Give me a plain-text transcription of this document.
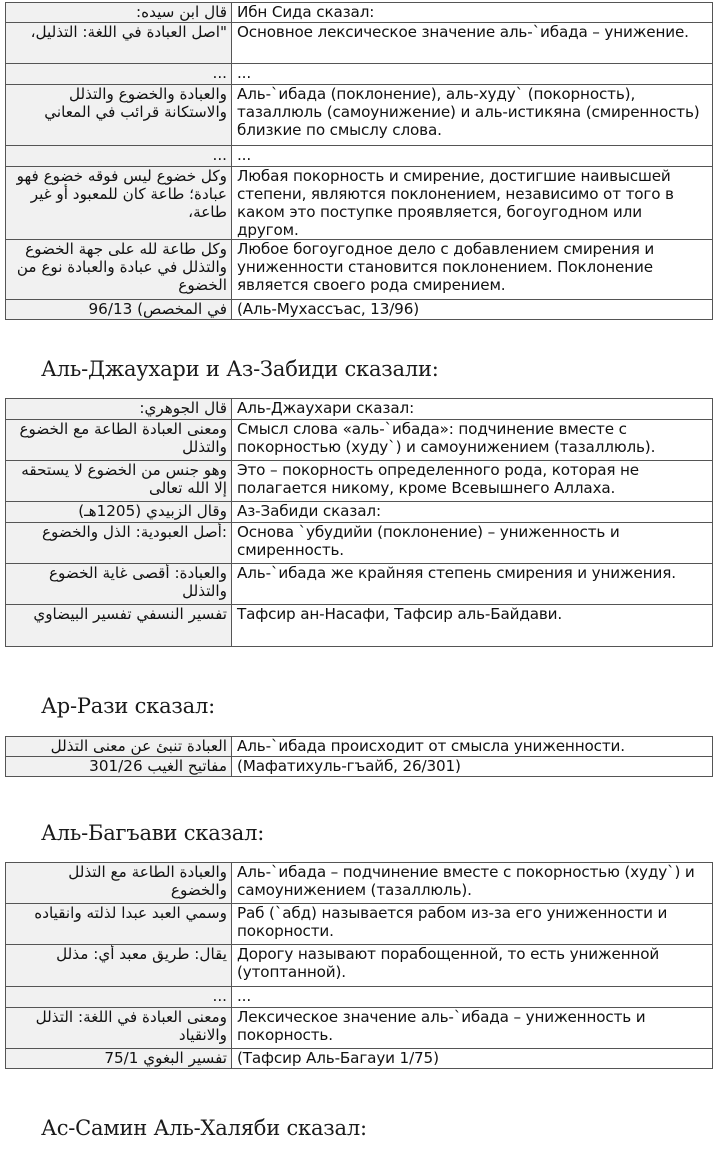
قال ابن سيده:	Ибн Сида сказал:
"اصل العبادة في اللغة: التذليل،	Основное лексическое значение аль-`ибада – унижение.
...	...
والعبادة والخضوع والتذلل والاستكانة قرائب في المعاني	Аль-`ибада (поклонение), аль-худу` (покорность), тазаллюль (самоунижение) и аль-истикяна (смиренность) близкие по смыслу слова.
...	...
وكل خضوع ليس فوقه خضوع فهو عبادة؛ طاعة كان للمعبود أو غير طاعة،	Любая покорность и смирение, достигшие наивысшей степени, являются поклонением, независимо от того в каком это поступке проявляется, богоугодном или другом.
وكل طاعة لله على جهة الخضوع والتذلل في عبادة والعبادة نوع من الخضوع	Любое богоугодное дело с добавлением смирения и униженности становится поклонением. Поклонение является своего рода смирением.
في المخصص) 96/13	(Аль-Мухассъас, 13/96)
Аль-Джаухари и Аз-Забиди сказали:
قال الجوهري:	Аль-Джаухари сказал:
ومعنى العبادة الطاعة مع الخضوع والتذلل	Смысл слова «аль-`ибада»: подчинение вместе с покорностью (худу`) и самоунижением (тазаллюль).
وهو جنس من الخضوع لا يستحقه إلا الله تعالى	Это – покорность определенного рода, которая не полагается никому, кроме Всевышнего Аллаха.
وقال الزبيدي (1205هـ)	Аз-Забиди сказал:
:أصل العبودية: الذل والخضوع	Основа `убудийи (поклонение) – униженность и смиренность.
والعبادة: أقصى غاية الخضوع والتذلل	Аль-`ибада же крайняя степень смирения и унижения.
تفسير النسفي تفسير البيضاوي	Тафсир ан-Насафи, Тафсир аль-Байдави.
Ар-Рази сказал:
العبادة تنبئ عن معنى التذلل	Аль-`ибада происходит от смысла униженности.
مفاتيح الغيب 301/26	(Мафатихуль-гъайб, 26/301)
Аль-Багъави сказал:
والعبادة الطاعة مع التذلل والخضوع	Аль-`ибада – подчинение вместе с покорностью (худу`) и самоунижением (тазаллюль).
وسمي العبد عبدا لذلته وانقياده	Раб (`абд) называется рабом из-за его униженности и покорности.
يقال: طريق معبد أي: مذلل	Дорогу называют порабощенной, то есть униженной (утоптанной).
...	...
ومعنى العبادة في اللغة: التذلل والانقياد	Лексическое значение аль-`ибада – униженность и покорность.
تفسير البغوي 75/1	(Тафсир Аль-Багауи 1/75)
Ас-Самин Аль-Халяби сказал:
